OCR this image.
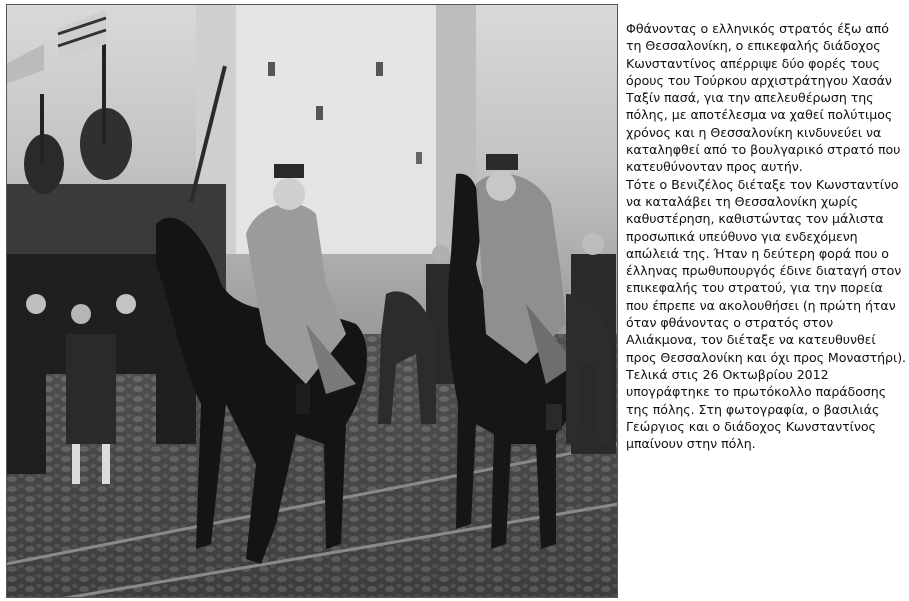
Φθάνοντας ο ελληνικός στρατός έξω από τη Θεσσαλονίκη, ο επικεφαλής διάδοχος Κωνσταντίνος απέρριψε δύο φορές τους όρους του Τούρκου αρχιστράτηγου Χασάν Ταξίν πασά, για την απελευθέρωση της πόλης, με αποτέλεσμα να χαθεί πολύτιμος χρόνος και η Θεσσαλονίκη κινδυνεύει να καταληφθεί από το βουλγαρικό στρατό που κατευθύνονταν προς αυτήν.

Τότε ο Βενιζέλος διέταξε τον Κωνσταντίνο να καταλάβει τη Θεσσαλονίκη χωρίς καθυστέρηση, καθιστώντας τον μάλιστα προσωπικά υπεύθυνο για ενδεχόμενη απώλειά της. Ήταν η δεύτερη φορά που ο έλληνας πρωθυπουργός έδινε διαταγή στον επικεφαλής του στρατού, για την πορεία που έπρεπε να ακολουθήσει (η πρώτη ήταν όταν φθάνοντας ο στρατός στον Αλιάκμονα, τον διέταξε να κατευθυνθεί προς Θεσσαλονίκη και όχι προς Μοναστήρι).

Τελικά στις 26 Οκτωβρίου 2012 υπογράφτηκε το πρωτόκολλο παράδοσης της πόλης. Στη φωτογραφία, ο βασιλιάς Γεώργιος και ο διάδοχος Κωνσταντίνος μπαίνουν στην πόλη.
